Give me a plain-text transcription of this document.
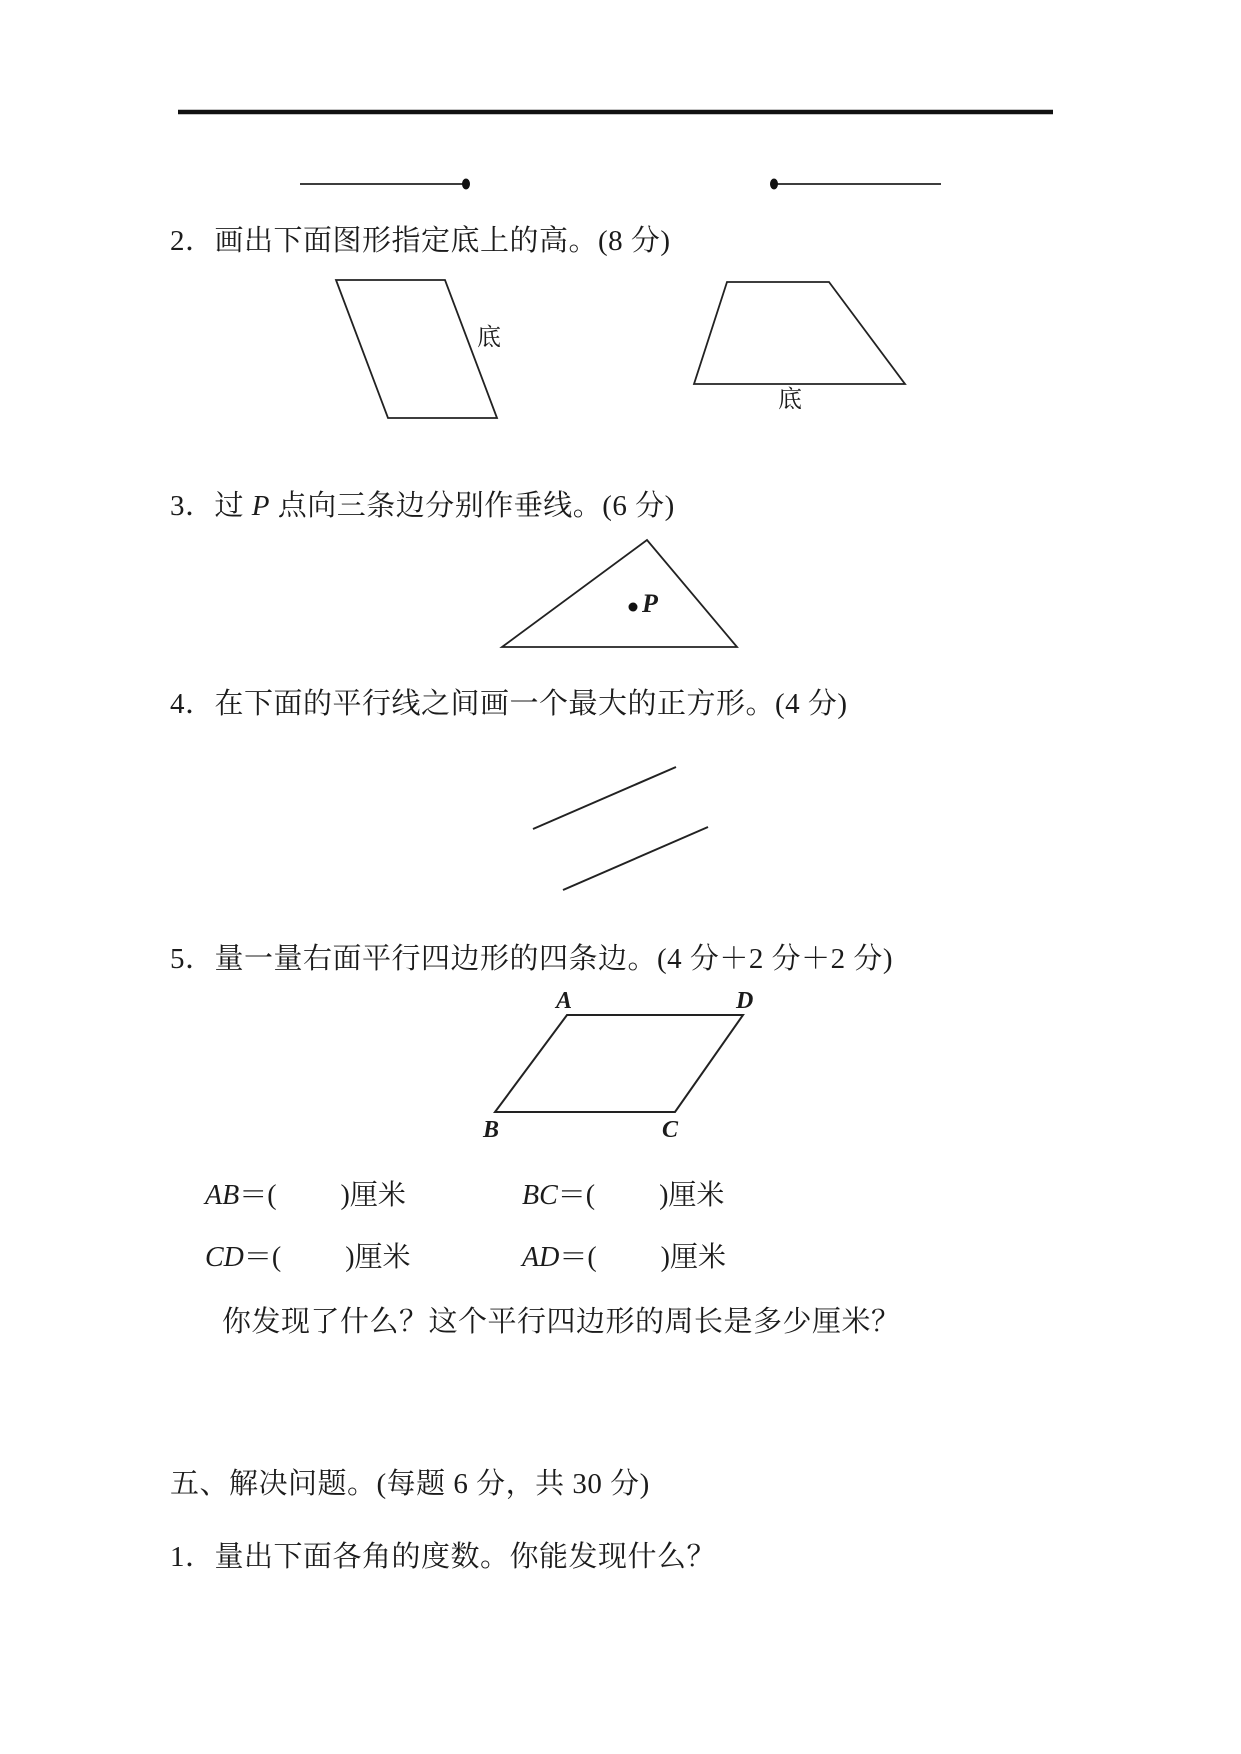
2．画出下面图形指定底上的高。(8 分)
底
底
3．过 P 点向三条边分别作垂线。(6 分)
P
4．在下面的平行线之间画一个最大的正方形。(4 分)
5．量一量右面平行四边形的四条边。(4 分＋2 分＋2 分)
A	D
B	C
AB＝( )厘米	BC＝( )厘米
CD＝( )厘米	AD＝( )厘米
你发现了什么？这个平行四边形的周长是多少厘米？
五、解决问题。(每题 6 分，共 30 分)
1．量出下面各角的度数。你能发现什么？
